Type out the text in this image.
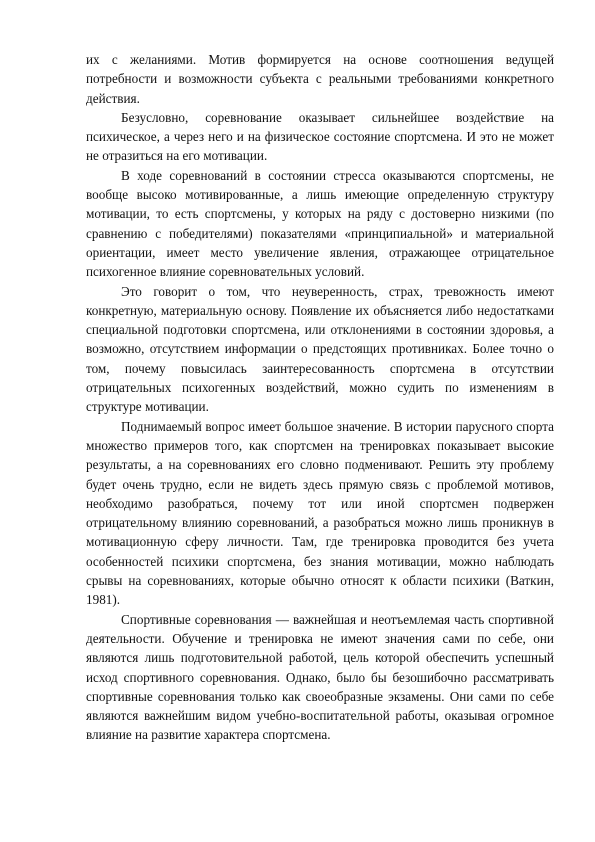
их с желаниями. Мотив формируется на основе соотношения ведущей потребности и возможности субъекта с реальными требованиями конкретного действия.

Безусловно, соревнование оказывает сильнейшее воздействие на психическое, а через него и на физическое состояние спортсмена. И это не может не отразиться на его мотивации.

В ходе соревнований в состоянии стресса оказываются спортсмены, не вообще высоко мотивированные, а лишь имеющие определенную структуру мотивации, то есть спортсмены, у которых на ряду с достоверно низкими (по сравнению с победителями) показателями «принципиальной» и материальной ориентации, имеет место увеличение явления, отражающее отрицательное психогенное влияние соревновательных условий.

Это говорит о том, что неуверенность, страх, тревожность имеют конкретную, материальную основу. Появление их объясняется либо недостатками специальной подготовки спортсмена, или отклонениями в состоянии здоровья, а возможно, отсутствием информации о предстоящих противниках. Более точно о том, почему повысилась заинтересованность спортсмена в отсутствии отрицательных психогенных воздействий, можно судить по изменениям в структуре мотивации.

Поднимаемый вопрос имеет большое значение. В истории парусного спорта множество примеров того, как спортсмен на тренировках показывает высокие результаты, а на соревнованиях его словно подменивают. Решить эту проблему будет очень трудно, если не видеть здесь прямую связь с проблемой мотивов, необходимо разобраться, почему тот или иной спортсмен подвержен отрицательному влиянию соревнований, а разобраться можно лишь проникнув в мотивационную сферу личности. Там, где тренировка проводится без учета особенностей психики спортсмена, без знания мотивации, можно наблюдать срывы на соревнованиях, которые обычно относят к области психики (Ваткин, 1981).

Спортивные соревнования — важнейшая и неотъемлемая часть спортивной деятельности. Обучение и тренировка не имеют значения сами по себе, они являются лишь подготовительной работой, цель которой обеспечить успешный исход спортивного соревнования. Однако, было бы безошибочно рассматривать спортивные соревнования только как своеобразные экзамены. Они сами по себе являются важнейшим видом учебно-воспитательной работы, оказывая огромное влияние на развитие характера спортсмена.
